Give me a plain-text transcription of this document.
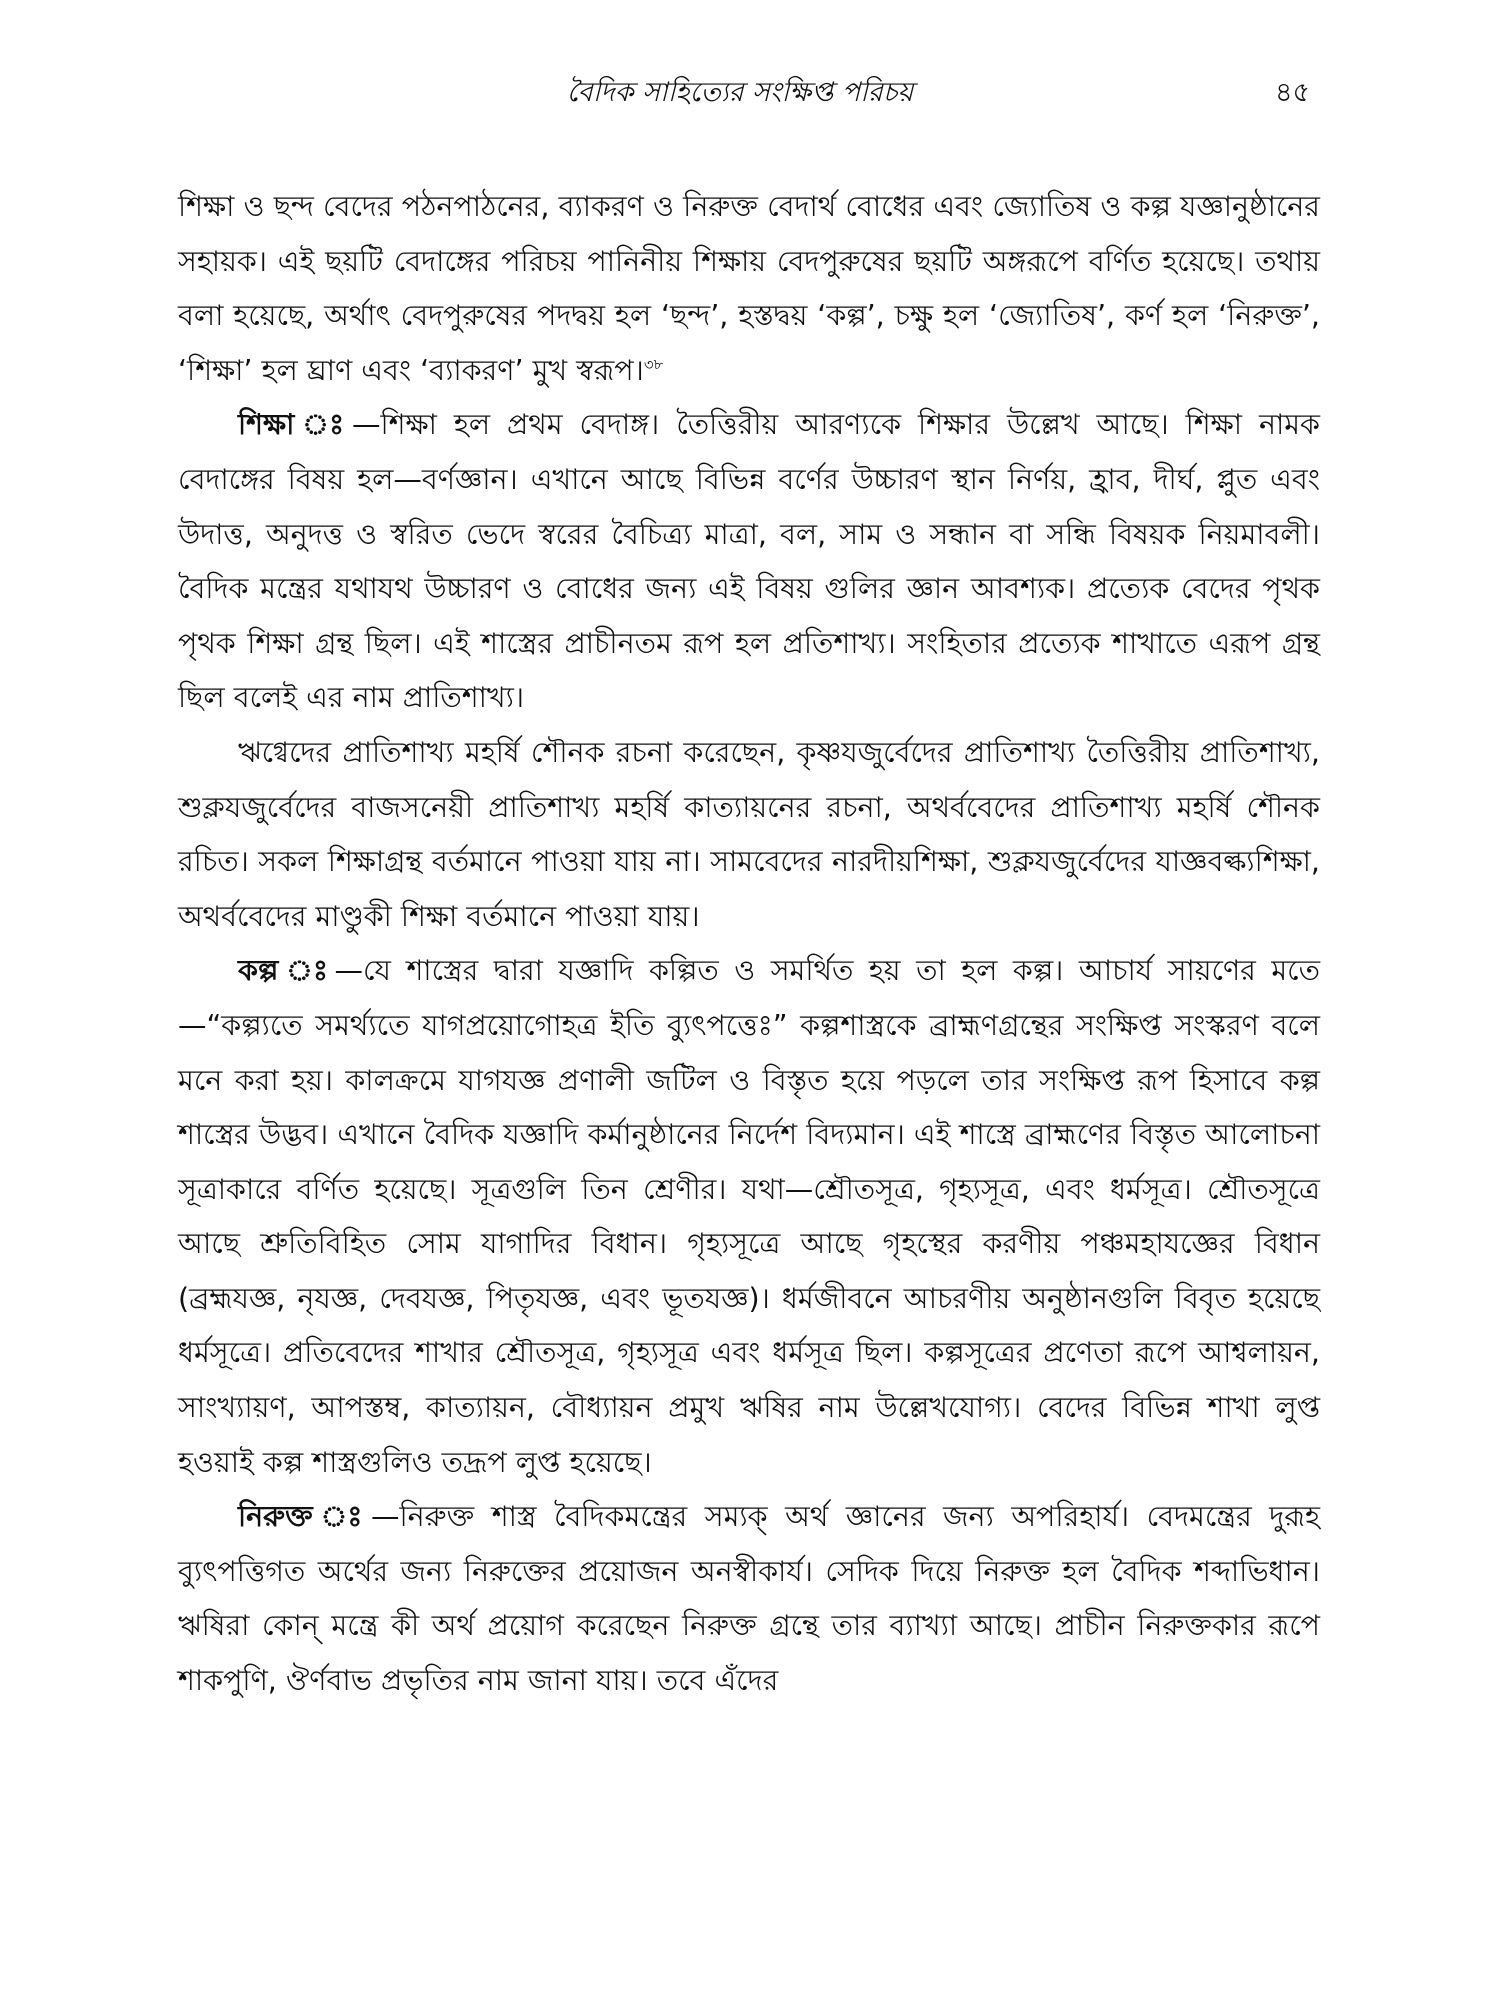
বৈদিক সাহিত্যের সংক্ষিপ্ত পরিচয়	৪৫

শিক্ষা ও ছন্দ বেদের পঠনপাঠনের, ব্যাকরণ ও নিরুক্ত বেদার্থ বোধের এবং জ্যোতিষ ও কল্প যজ্ঞানুষ্ঠানের সহায়ক। এই ছয়টি বেদাঙ্গের পরিচয় পানিনীয় শিক্ষায় বেদপুরুষের ছয়টি অঙ্গরূপে বর্ণিত হয়েছে। তথায় বলা হয়েছে, অর্থাৎ বেদপুরুষের পদদ্বয় হল ‘ছন্দ’, হস্তদ্বয় ‘কল্প’, চক্ষু হল ‘জ্যোতিষ’, কর্ণ হল ‘নিরুক্ত’, ‘শিক্ষা’ হল ঘ্রাণ এবং ‘ব্যাকরণ’ মুখ স্বরূপ।$^{৩৮}$

শিক্ষা ঃ—শিক্ষা হল প্রথম বেদাঙ্গ। তৈত্তিরীয় আরণ্যকে শিক্ষার উল্লেখ আছে। শিক্ষা নামক বেদাঙ্গের বিষয় হল—বর্ণজ্ঞান। এখানে আছে বিভিন্ন বর্ণের উচ্চারণ স্থান নির্ণয়, হ্রাব, দীর্ঘ, প্লুত এবং উদাত্ত, অনুদত্ত ও স্বরিত ভেদে স্বরের বৈচিত্র্য মাত্রা, বল, সাম ও সন্ধান বা সন্ধি বিষয়ক নিয়মাবলী। বৈদিক মন্ত্রের যথাযথ উচ্চারণ ও বোধের জন্য এই বিষয় গুলির জ্ঞান আবশ্যক। প্রত্যেক বেদের পৃথক পৃথক শিক্ষা গ্রন্থ ছিল। এই শাস্ত্রের প্রাচীনতম রূপ হল প্রতিশাখ্য। সংহিতার প্রত্যেক শাখাতে এরূপ গ্রন্থ ছিল বলেই এর নাম প্রাতিশাখ্য।

ঋগ্বেদের প্রাতিশাখ্য মহর্ষি শৌনক রচনা করেছেন, কৃষ্ণযজুর্বেদের প্রাতিশাখ্য তৈত্তিরীয় প্রাতিশাখ্য, শুক্লযজুর্বেদের বাজসনেয়ী প্রাতিশাখ্য মহর্ষি কাত্যায়নের রচনা, অথর্ববেদের প্রাতিশাখ্য মহর্ষি শৌনক রচিত। সকল শিক্ষাগ্রন্থ বর্তমানে পাওয়া যায় না। সামবেদের নারদীয়শিক্ষা, শুক্লযজুর্বেদের যাজ্ঞবল্ক্যশিক্ষা, অথর্ববেদের মাণ্ডুকী শিক্ষা বর্তমানে পাওয়া যায়।

কল্প ঃ—যে শাস্ত্রের দ্বারা যজ্ঞাদি কল্পিত ও সমর্থিত হয় তা হল কল্প। আচার্য সায়ণের মতে—“কল্প্যতে সমর্থ্যতে যাগপ্রয়োগোহত্র ইতি ব্যুৎপত্তেঃ” কল্পশাস্ত্রকে ব্রাহ্মণগ্রন্থের সংক্ষিপ্ত সংস্করণ বলে মনে করা হয়। কালক্রমে যাগযজ্ঞ প্রণালী জটিল ও বিস্তৃত হয়ে পড়লে তার সংক্ষিপ্ত রূপ হিসাবে কল্প শাস্ত্রের উদ্ভব। এখানে বৈদিক যজ্ঞাদি কর্মানুষ্ঠানের নির্দেশ বিদ্যমান। এই শাস্ত্রে ব্রাহ্মণের বিস্তৃত আলোচনা সূত্রাকারে বর্ণিত হয়েছে। সূত্রগুলি তিন শ্রেণীর। যথা—শ্রৌতসূত্র, গৃহ্যসূত্র, এবং ধর্মসূত্র। শ্রৌতসূত্রে আছে শ্রুতিবিহিত সোম যাগাদির বিধান। গৃহ্যসূত্রে আছে গৃহস্থের করণীয় পঞ্চমহাযজ্ঞের বিধান (ব্রহ্মযজ্ঞ, নৃযজ্ঞ, দেবযজ্ঞ, পিতৃযজ্ঞ, এবং ভূতযজ্ঞ)। ধর্মজীবনে আচরণীয় অনুষ্ঠানগুলি বিবৃত হয়েছে ধর্মসূত্রে। প্রতিবেদের শাখার শ্রৌতসূত্র, গৃহ্যসূত্র এবং ধর্মসূত্র ছিল। কল্পসূত্রের প্রণেতা রূপে আশ্বলায়ন, সাংখ্যায়ণ, আপস্তম্ব, কাত্যায়ন, বৌধ্যায়ন প্রমুখ ঋষির নাম উল্লেখযোগ্য। বেদের বিভিন্ন শাখা লুপ্ত হওয়াই কল্প শাস্ত্রগুলিও তদ্রূপ লুপ্ত হয়েছে।

নিরুক্ত ঃ—নিরুক্ত শাস্ত্র বৈদিকমন্ত্রের সম্যক্ অর্থ জ্ঞানের জন্য অপরিহার্য। বেদমন্ত্রের দুরূহ ব্যুৎপত্তিগত অর্থের জন্য নিরুক্তের প্রয়োজন অনস্বীকার্য। সেদিক দিয়ে নিরুক্ত হল বৈদিক শব্দাভিধান। ঋষিরা কোন্ মন্ত্রে কী অর্থ প্রয়োগ করেছেন নিরুক্ত গ্রন্থে তার ব্যাখ্যা আছে। প্রাচীন নিরুক্তকার রূপে শাকপুণি, ঔর্ণবাভ প্রভৃতির নাম জানা যায়। তবে এঁদের
